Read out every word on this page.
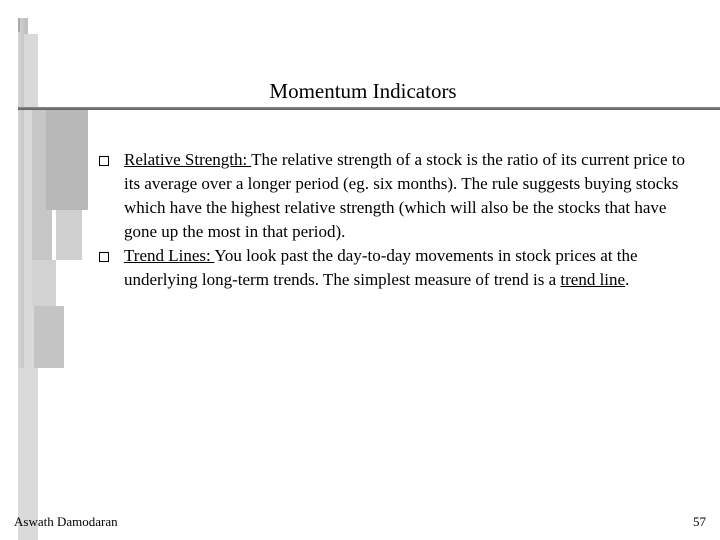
Momentum Indicators

Relative Strength: The relative strength of a stock is the ratio of its current price to its average over a longer period (eg. six months). The rule suggests buying stocks which have the highest relative strength (which will also be the stocks that have gone up the most in that period).

Trend Lines: You look past the day-to-day movements in stock prices at the underlying long-term trends. The simplest measure of trend is a trend line.

Aswath Damodaran	57
